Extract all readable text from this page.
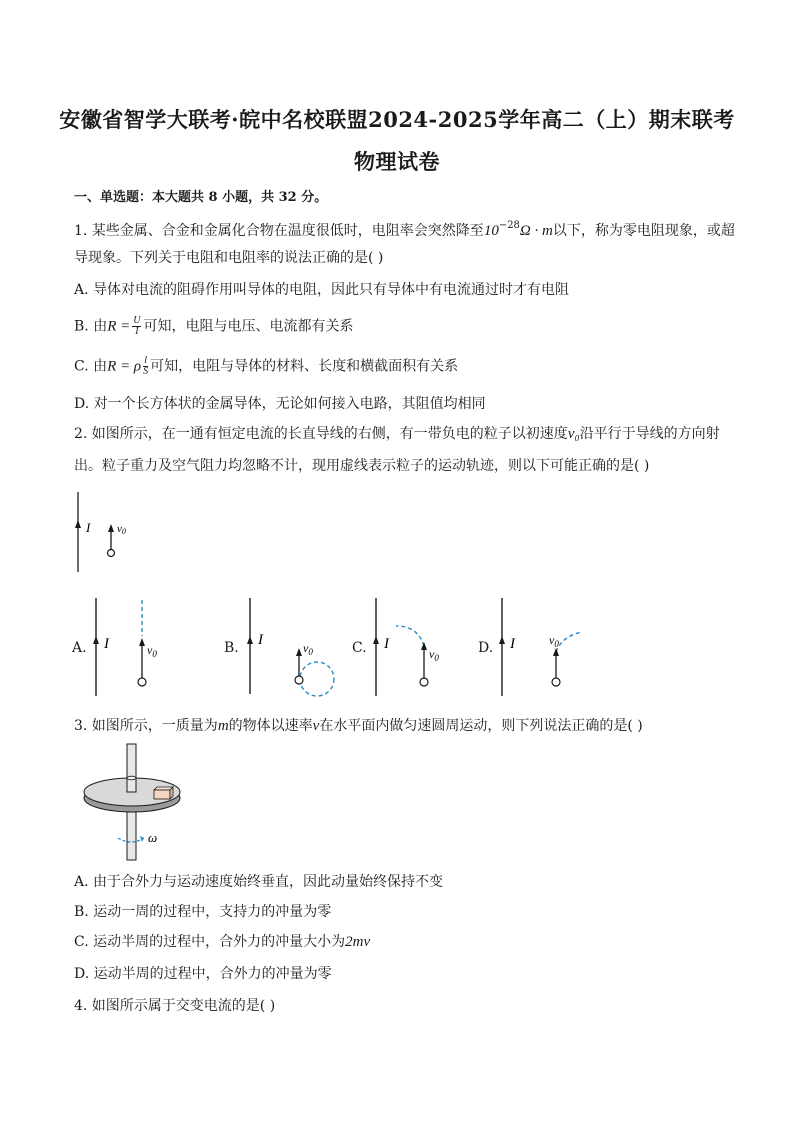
安徽省智学大联考·皖中名校联盟2024-2025学年高二（上）期末联考
物理试卷
一、单选题：本大题共 8 小题，共 32 分。
1. 某些金属、合金和金属化合物在温度很低时，电阻率会突然降至$10^{-28}\Omega \cdot m$以下，称为零电阻现象，或超
导现象。下列关于电阻和电阻率的说法正确的是( )
A. 导体对电流的阻碍作用叫导体的电阻，因此只有导体中有电流通过时才有电阻
B. 由$R = \frac{U}{I}$ 可知，电阻与电压、电流都有关系
C. 由R = ρ $\frac{l}{S}$ 可知，电阻与导体的材料、长度和横截面积有关系
D. 对一个长方体状的金属导体，无论如何接入电路，其阻值均相同
2. 如图所示，在一通有恒定电流的长直导线的右侧，有一带负电的粒子以初速度v₀沿平行于导线的方向射
出。粒子重力及空气阻力均忽略不计，现用虚线表示粒子的运动轨迹，则以下可能正确的是( )
I v0
A. I	$v_0$	B. I	$v_0$	C. I
$v_0$
D. I	$v_0$
3. 如图所示，一质量为m的物体以速率v在水平面内做匀速圆周运动，则下列说法正确的是( )
ω
A. 由于合外力与运动速度始终垂直，因此动量始终保持不变
B. 运动一周的过程中，支持力的冲量为零
C. 运动半周的过程中，合外力的冲量大小为2mv
D. 运动半周的过程中，合外力的冲量为零
4. 如图所示属于交变电流的是( )
